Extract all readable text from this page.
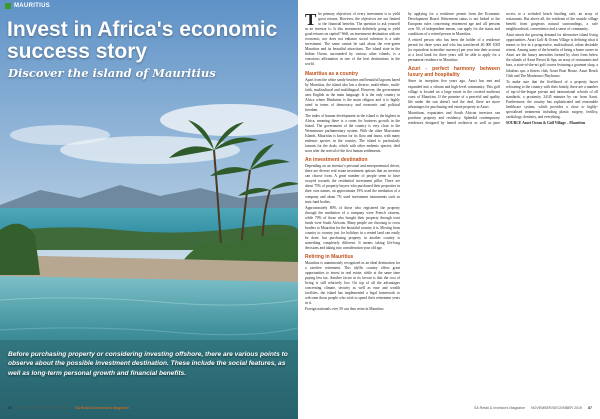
MAURITIUS
Invest in Africa's economic success story
Discover the island of Mauritius

Before purchasing property or considering investing offshore, there are various points to observe about the possible investment destination. These include the social features, as well as long-term personal growth and financial benefits.

86 NOVEMBER/DECEMBER 2019 SA Retail & Investor's Magazine

The primary objectives of every investment is to yield great returns. However, the objectives are not limited to the financial benefits. The question to ask yourself as an investor is: Is this investment definitely going to yield good returns on capital? Well, an investment destination with no economic, nor does not enhance social cohesion is a stale investment. The same cannot be said about the ever-green Mauritius and its beautiful attractions. The island state in the Indian Ocean, surrounded by various other islands, is a conscious affirmation in one of the best destinations in the world.

Mauritius as a country

Apart from the white sandy beaches and beautiful lagoons bared by Mauritius, the island also has a diverse, multi-ethnic, multi-faith, multicultural and multilingual. However, the government uses English as the main language. It is the only country in Africa where Hinduism is the main religion and it is highly rated in terms of democracy and economic and political freedom.

The index of human development in the island is the highest in Africa, meaning there is a room for business growth in the island. The government of the country is very close to the Westminster parliamentary system. With the other Mascarene Islands, Mauritius is known for its flora and fauna, with many endemic species in the country. The island is particularly famous for the dodo, which with other endemic species, died soon after the arrival of the first human settlements.

An investment destination

Depending on an investor's personal and entrepreneurial drives, there are diverse real estate investment options that an investor can choose from. A great number of people seem to have swayed towards the residential investment pillar. There are about 75% of property buyers who purchased their properties in their own names, an approximate 19% used the mediation of a company and about 7% used investment instruments such as trust fund bodies.

Approximately 80% of those who registered the property through the mediation of a company were French citizens, while 70% of those who bought their property through trust funds were South Africans. Many people are choosing to cross borders to Mauritius for the beautiful country it is. Moving from country to country just for holidays in a rented land can easily be done, but purchasing property in another country is something completely different. It means taking life-long decisions and taking into consideration your old age.

Retiring in Mauritius

Mauritius is unanimously recognized as an ideal destination for a carefree retirement. This idyllic country offers great opportunities to invest in real estate, while at the same time paying less tax. Another factor in its favour is that the cost of living is still relatively low. On top of all the advantages concerning climate, security as well as ease and wealth facilities, the island has implemented a legal framework to welcome those people who wish to spend their retirement years in it.

Foreign nationals over 50 can thus retire in Mauritius

by applying for a residence permit from the Economic Development Board. Retirement status is not linked to the European rules concerning retirement age and all persons over 50, of independent means, can apply for the status and conditions of a retired person in Mauritius.

A retired person who has been the holder of a residence permit for three years and who has transferred 40 000 USD (or equivalent in another currency) per year into their account at a local bank for three years will be able to apply for a permanent residence in Mauritius.

Azuri - perfect harmony between luxury and hospitality

Since its inception five years ago, Azuri has met and expanded into a vibrant and high-level community. This golf village is located on a large estate in the coveted northeast coast of Mauritius. If the promise of a peaceful and quality life under the sun doesn't seal the deal, there are more advantages for purchasing real estate property at Azuri.

Mauritians, expatriates and South African investors can purchase property and residency. Splendid contemporary residences designed by famed architects as well as pure access to a secluded beach bustling cafe, an array of restaurants. But above all, the residents of the seaside village benefit from gorgeous natural surroundings, a safe neighbourhood, convenience and a sense of community.

Azuri meets the growing demand for alternative island living opportunities. Azuri Golf & Ocean Village is defining what it means to live in a progressive, multicultural, urban desirable retreat. Among some of the benefits of being a home owner in Azuri are the luxury amenities formed by short from below the islands of Azuri Resort & Spa, an array of restaurants and bars, a state-of-the-art golf course featuring a gourmet shop, a fabulous spa, a fitness club, Azuri Boat House, Azuri Beach Club and The Montessori Playhouse.

To make sure that the livelihood of a property buyer relocating to the country with their family, there are a number of top-of-the-league private and international schools of all standards, a proximity 24/45 minutes by car from Azuri. Furthermore, the country has sophisticated and reasonable healthcare system, which provides a close to highly-specialised treatments including plastic surgery, fertility, cardiology, dentistry, and everything.

SOURCE Azuri Ocean & Golf Village – Mauritius

SA Retail & Investor's Magazine NOVEMBER/DECEMBER 2019 87
